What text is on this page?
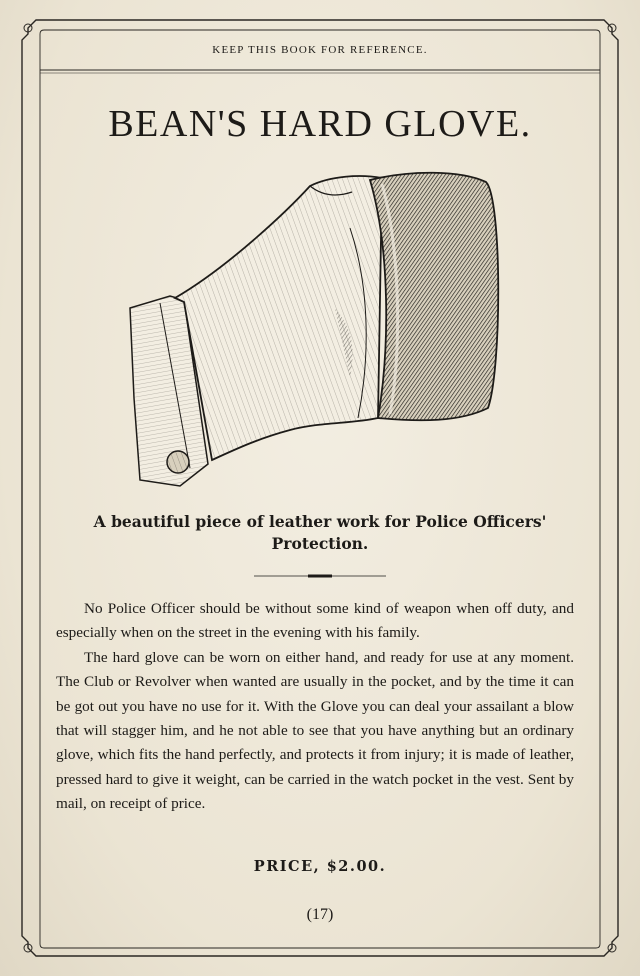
KEEP THIS BOOK FOR REFERENCE.
BEAN'S HARD GLOVE.
A beautiful piece of leather work for Police Officers'
Protection.

No Police Officer should be without some kind of weapon when off duty, and especially when on the street in the evening with his family.

The hard glove can be worn on either hand, and ready for use at any moment. The Club or Revolver when wanted are usually in the pocket, and by the time it can be got out you have no use for it. With the Glove you can deal your assailant a blow that will stagger him, and he not able to see that you have anything but an ordinary glove, which fits the hand perfectly, and protects it from injury; it is made of leather, pressed hard to give it weight, can be carried in the watch pocket in the vest. Sent by mail, on receipt of price.

PRICE, $2.00.
(17)
